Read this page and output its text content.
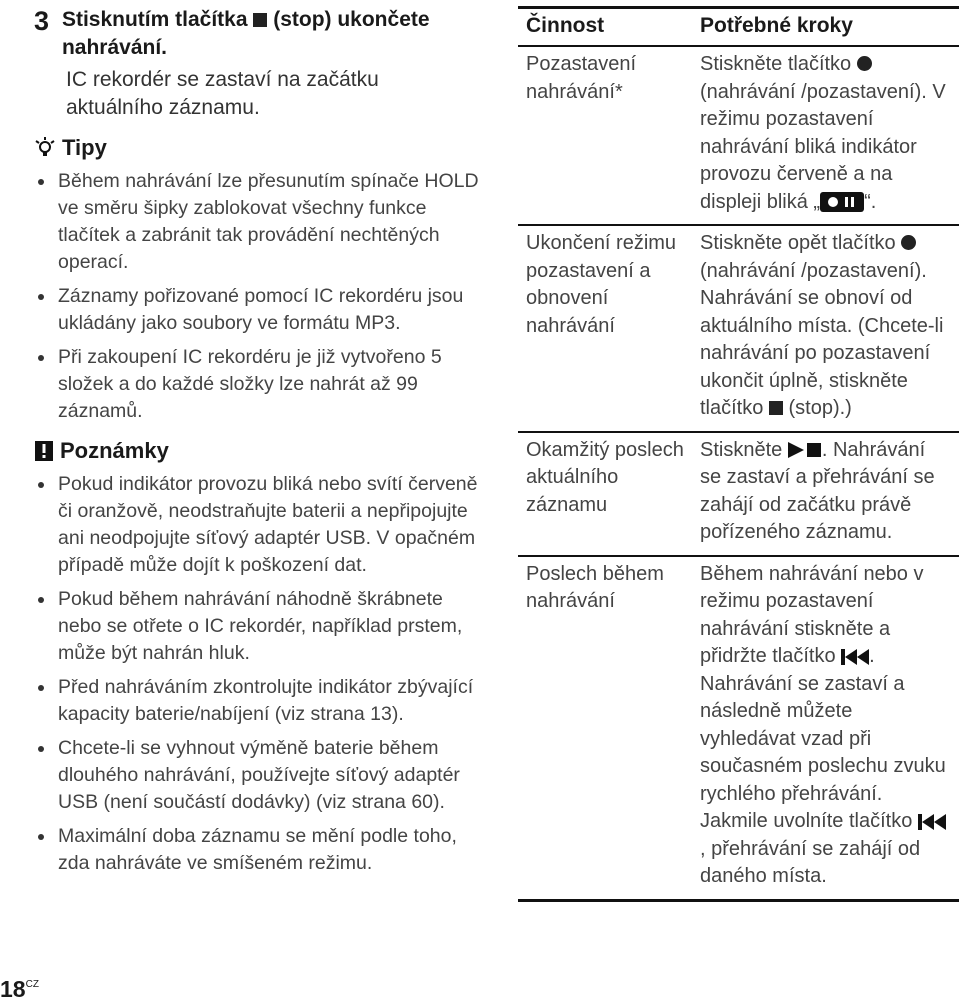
3 Stisknutím tlačítka (stop) ukončete nahrávání.
IC rekordér se zastaví na začátku aktuálního záznamu.
Tipy
Během nahrávání lze přesunutím spínače HOLD ve směru šipky zablokovat všechny funkce tlačítek a zabránit tak provádění nechtěných operací.
Záznamy pořizované pomocí IC rekordéru jsou ukládány jako soubory ve formátu MP3.
Při zakoupení IC rekordéru je již vytvořeno 5 složek a do každé složky lze nahrát až 99 záznamů.
Poznámky
Pokud indikátor provozu bliká nebo svítí červeně či oranžově, neodstraňujte baterii a nepřipojujte ani neodpojujte síťový adaptér USB. V opačném případě může dojít k poškození dat.
Pokud během nahrávání náhodně škrábnete nebo se otřete o IC rekordér, například prstem, může být nahrán hluk.
Před nahráváním zkontrolujte indikátor zbývající kapacity baterie/nabíjení (viz strana 13).
Chcete-li se vyhnout výměně baterie během dlouhého nahrávání, používejte síťový adaptér USB (není součástí dodávky) (viz strana 60).
Maximální doba záznamu se mění podle toho, zda nahráváte ve smíšeném režimu.
$18^{CZ}$
Činnost	Potřebné kroky
Pozastavení nahrávání*	Stiskněte tlačítko  (nahrávání /pozastavení). V režimu pozastavení nahrávání bliká indikátor provozu červeně a na displeji bliká „ “.
Ukončení režimu pozastavení a obnovení nahrávání	Stiskněte opět tlačítko  (nahrávání /pozastavení). Nahrávání se obnoví od aktuálního místa. (Chcete-li nahrávání po pozastavení ukončit úplně, stiskněte tlačítko (stop).)
Okamžitý poslech aktuálního záznamu	Stiskněte . Nahrávání se zastaví a přehrávání se zahájí od začátku právě pořízeného záznamu.
Poslech během nahrávání	Během nahrávání nebo v režimu pozastavení nahrávání stiskněte a přidržte tlačítko . Nahrávání se zastaví a následně můžete vyhledávat vzad při současném poslechu zvuku rychlého přehrávání. Jakmile uvolníte tlačítko , přehrávání se zahájí od daného místa.
